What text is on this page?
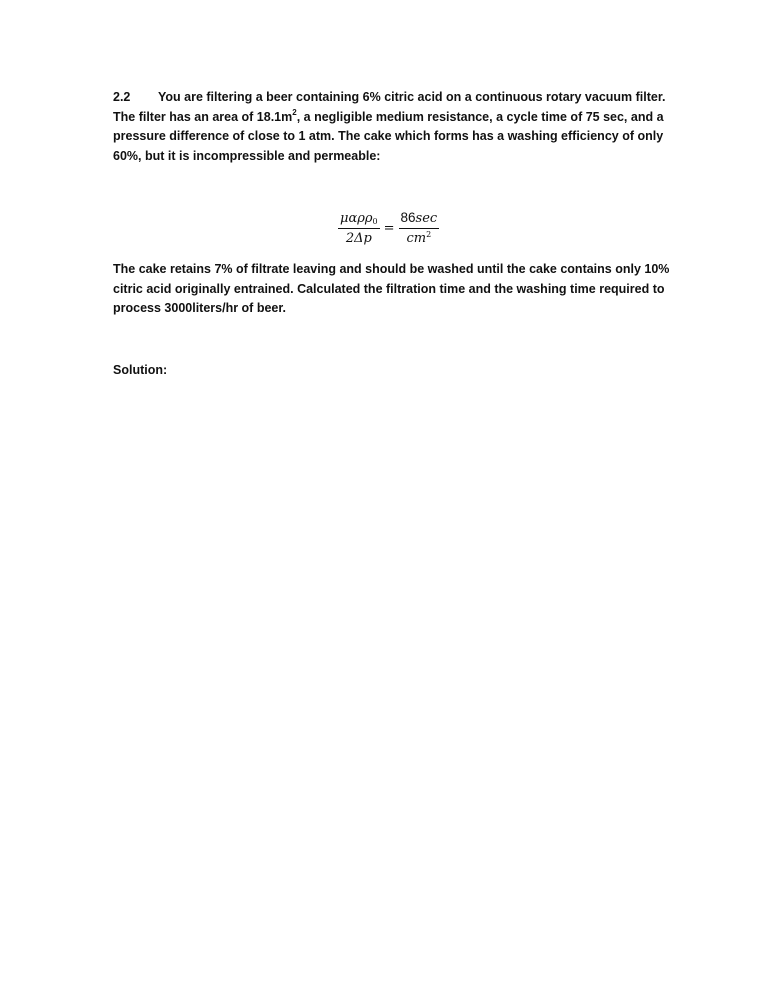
2.2 You are filtering a beer containing 6% citric acid on a continuous rotary vacuum filter. The filter has an area of $18.1m^2$, a negligible medium resistance, a cycle time of 75 sec, and a pressure difference of close to 1 atm. The cake which forms has a washing efficiency of only 60%, but it is incompressible and permeable:
$\frac{\mu\alpha\rho\rho_0}{2\Delta p} = \frac{86\sec}{cm^2}$
The cake retains 7% of filtrate leaving and should be washed until the cake contains only 10% citric acid originally entrained. Calculated the filtration time and the washing time required to process 3000liters/hr of beer.
Solution:
